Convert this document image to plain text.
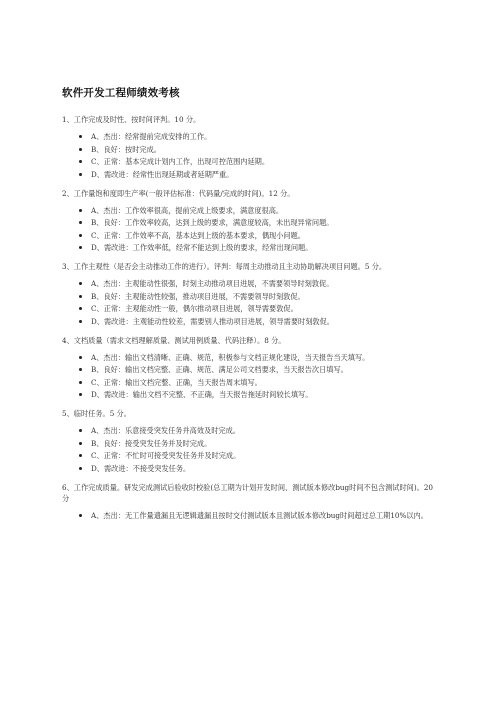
软件开发工程师绩效考核
1、工作完成及时性、按时间评判。10 分。
A、杰出：经常提前完成安排的工作。
B、良好：按时完成。
C、正常：基本完成计划内工作，出现可控范围内延期。
D、需改进：经常性出现延期或者延期严重。
2、工作量饱和度即生产率(一般评估标准：代码量/完成的时间)。12 分。
A、杰出：工作效率很高，提前完成上级要求，满意度很高。
B、良好：工作效率较高，达到上级的要求，满意度较高，未出现异常问题。
C、正常：工作效率不高，基本达到上级的基本要求，偶现小问题。
D、需改进：工作效率低，经常不能达到上级的要求，经常出现问题。
3、工作主观性（是否会主动推动工作的进行）。评判：每周主动推动且主动协助解决项目问题。5 分。
A、杰出：主观能动性很强，时刻主动推动项目进展，不需要领导时刻敦促。
B、良好：主观能动性较强，推动项目进展，不需要领导时刻敦促。
C、正常：主观能动性一般，偶尔推动项目进展，领导需要敦促。
D、需改进：主观能动性较差，需要别人推动项目进展，领导需要时刻敦促。
4、文档质量（需求文档理解质量、测试用例质量、代码注释）。8 分。
A、杰出：输出文档清晰、正确、规范，积极参与文档正规化建设，当天报告当天填写。
B、良好：输出文档完整、正确、规范、满足公司文档要求，当天报告次日填写。
C、正常：输出文档完整、正确，当天报告周末填写。
D、需改进：输出文档不完整、不正确，当天报告拖延时间较长填写。
5、临时任务。5 分。
A、杰出：乐意接受突发任务并高效及时完成。
B、良好：接受突发任务并及时完成。
C、正常：不忙时可接受突发任务并及时完成。
D、需改进：不接受突发任务。
6、工作完成质量。研发完成测试后验收时校验(总工期为计划开发时间、测试版本修改bug时间不包含测试时间)。20 分
A、杰出：无工作量遗漏且无逻辑遗漏且按时交付测试版本且测试版本修改bug时间超过总工期10%以内。
